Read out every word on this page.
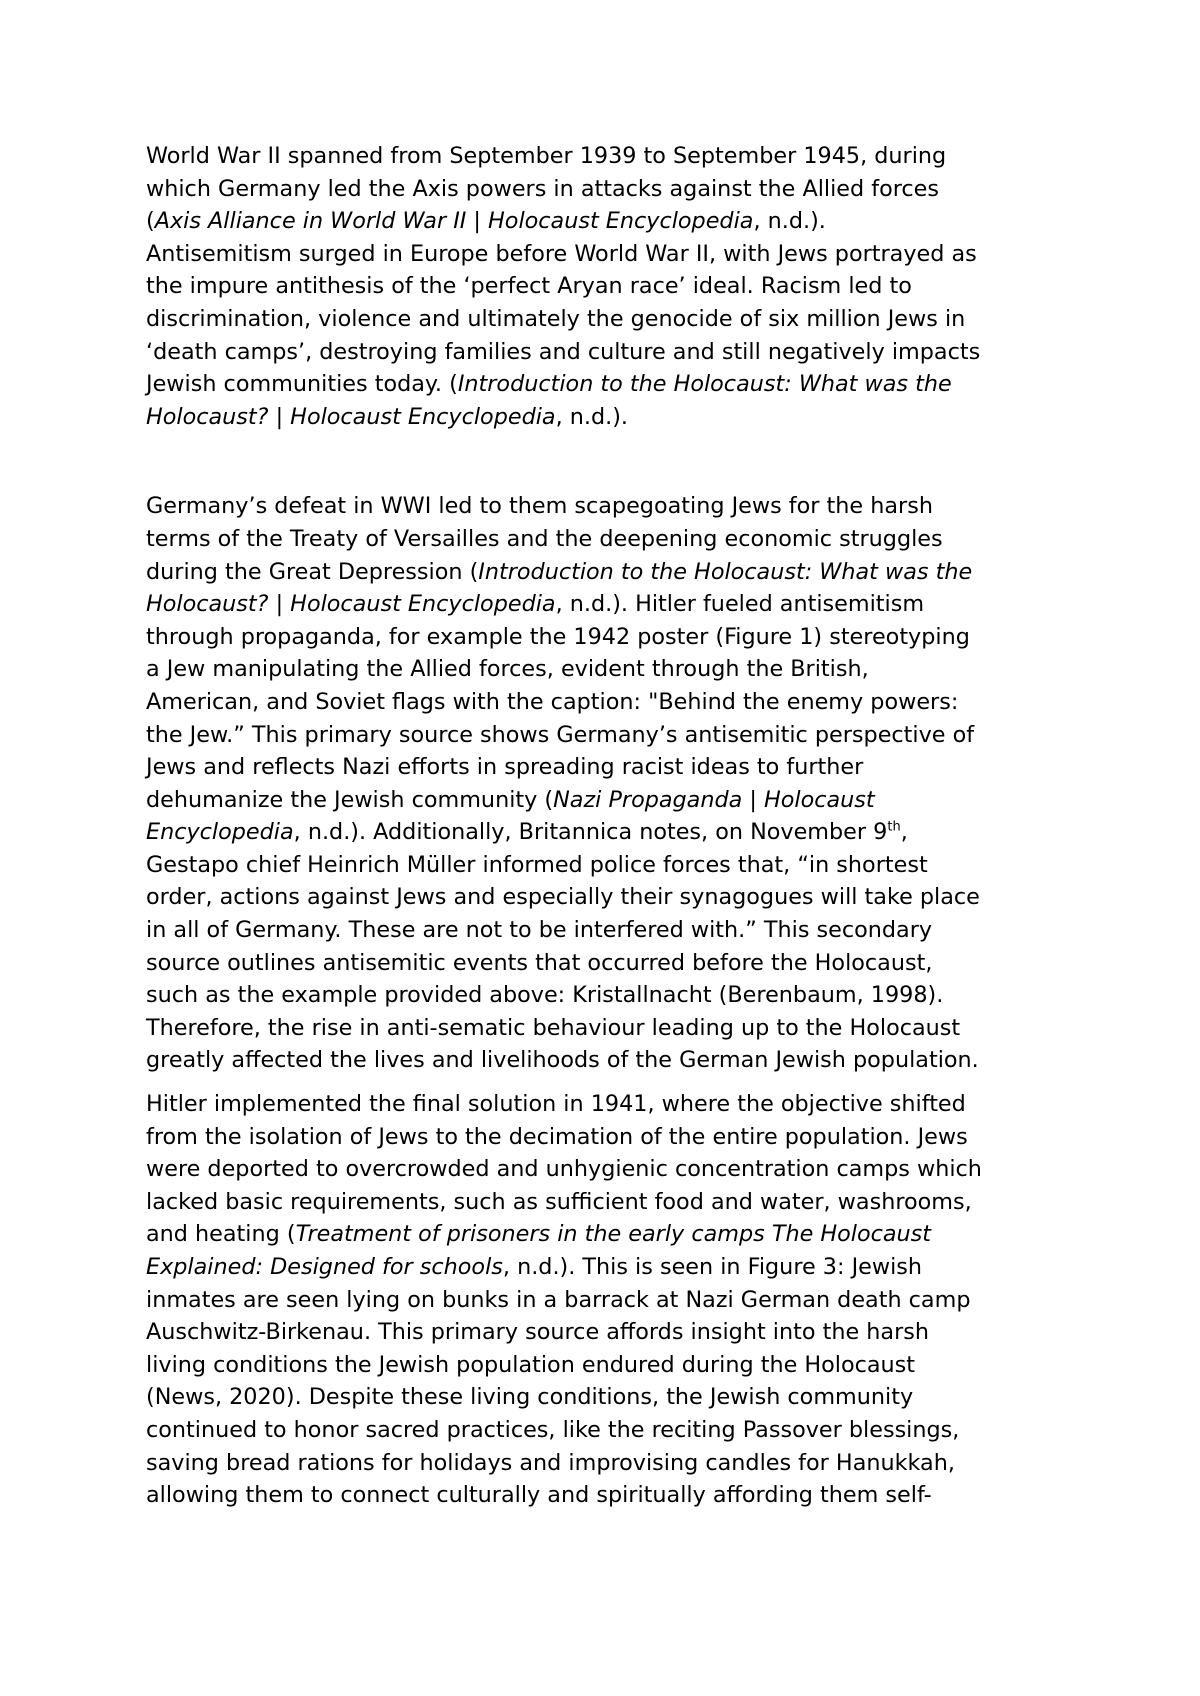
World War II spanned from September 1939 to September 1945, during
which Germany led the Axis powers in attacks against the Allied forces
(Axis Alliance in World War II | Holocaust Encyclopedia, n.d.).
Antisemitism surged in Europe before World War II, with Jews portrayed as
the impure antithesis of the ‘perfect Aryan race’ ideal. Racism led to
discrimination, violence and ultimately the genocide of six million Jews in
‘death camps’, destroying families and culture and still negatively impacts
Jewish communities today. (Introduction to the Holocaust: What was the
Holocaust? | Holocaust Encyclopedia, n.d.).
Germany’s defeat in WWI led to them scapegoating Jews for the harsh
terms of the Treaty of Versailles and the deepening economic struggles
during the Great Depression (Introduction to the Holocaust: What was the
Holocaust? | Holocaust Encyclopedia, n.d.). Hitler fueled antisemitism
through propaganda, for example the 1942 poster (Figure 1) stereotyping
a Jew manipulating the Allied forces, evident through the British,
American, and Soviet flags with the caption: "Behind the enemy powers:
the Jew.” This primary source shows Germany’s antisemitic perspective of
Jews and reflects Nazi efforts in spreading racist ideas to further
dehumanize the Jewish community (Nazi Propaganda | Holocaust
Encyclopedia, n.d.). Additionally, Britannica notes, on November 9th,
Gestapo chief Heinrich Müller informed police forces that, “in shortest
order, actions against Jews and especially their synagogues will take place
in all of Germany. These are not to be interfered with.” This secondary
source outlines antisemitic events that occurred before the Holocaust,
such as the example provided above: Kristallnacht (Berenbaum, 1998).
Therefore, the rise in anti-sematic behaviour leading up to the Holocaust
greatly affected the lives and livelihoods of the German Jewish population.
Hitler implemented the final solution in 1941, where the objective shifted
from the isolation of Jews to the decimation of the entire population. Jews
were deported to overcrowded and unhygienic concentration camps which
lacked basic requirements, such as sufficient food and water, washrooms,
and heating (Treatment of prisoners in the early camps The Holocaust
Explained: Designed for schools, n.d.). This is seen in Figure 3: Jewish
inmates are seen lying on bunks in a barrack at Nazi German death camp
Auschwitz-Birkenau. This primary source affords insight into the harsh
living conditions the Jewish population endured during the Holocaust
(News, 2020). Despite these living conditions, the Jewish community
continued to honor sacred practices, like the reciting Passover blessings,
saving bread rations for holidays and improvising candles for Hanukkah,
allowing them to connect culturally and spiritually affording them self-
